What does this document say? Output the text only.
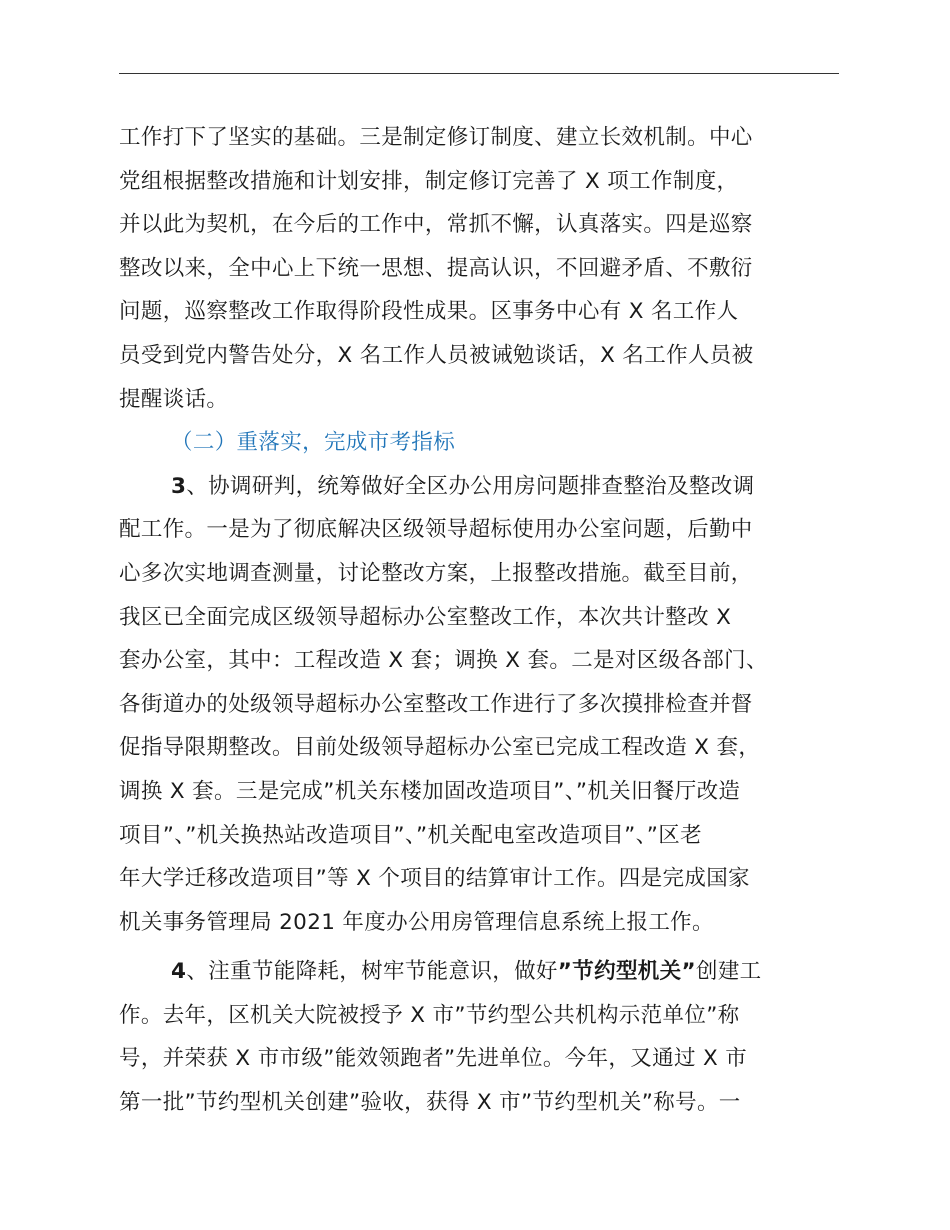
工作打下了坚实的基础。三是制定修订制度、建立长效机制。中心
党组根据整改措施和计划安排，制定修订完善了 X 项工作制度，
并以此为契机，在今后的工作中，常抓不懈，认真落实。四是巡察
整改以来，全中心上下统一思想、提高认识，不回避矛盾、不敷衍
问题，巡察整改工作取得阶段性成果。区事务中心有 X 名工作人
员受到党内警告处分，X 名工作人员被诫勉谈话，X 名工作人员被
提醒谈话。
（二）重落实，完成市考指标
3、协调研判，统筹做好全区办公用房问题排查整治及整改调
配工作。一是为了彻底解决区级领导超标使用办公室问题，后勤中
心多次实地调查测量，讨论整改方案，上报整改措施。截至目前，
我区已全面完成区级领导超标办公室整改工作，本次共计整改 X
套办公室，其中：工程改造 X 套；调换 X 套。二是对区级各部门、
各街道办的处级领导超标办公室整改工作进行了多次摸排检查并督
促指导限期整改。目前处级领导超标办公室已完成工程改造 X 套，
调换 X 套。三是完成”机关东楼加固改造项目”、”机关旧餐厅改造
项目”、”机关换热站改造项目”、”机关配电室改造项目”、”区老
年大学迁移改造项目”等 X 个项目的结算审计工作。四是完成国家
机关事务管理局 2021 年度办公用房管理信息系统上报工作。
4、注重节能降耗，树牢节能意识，做好”节约型机关”创建工
作。去年，区机关大院被授予 X 市”节约型公共机构示范单位”称
号，并荣获 X 市市级”能效领跑者”先进单位。今年，又通过 X 市
第一批”节约型机关创建”验收，获得 X 市”节约型机关”称号。一
